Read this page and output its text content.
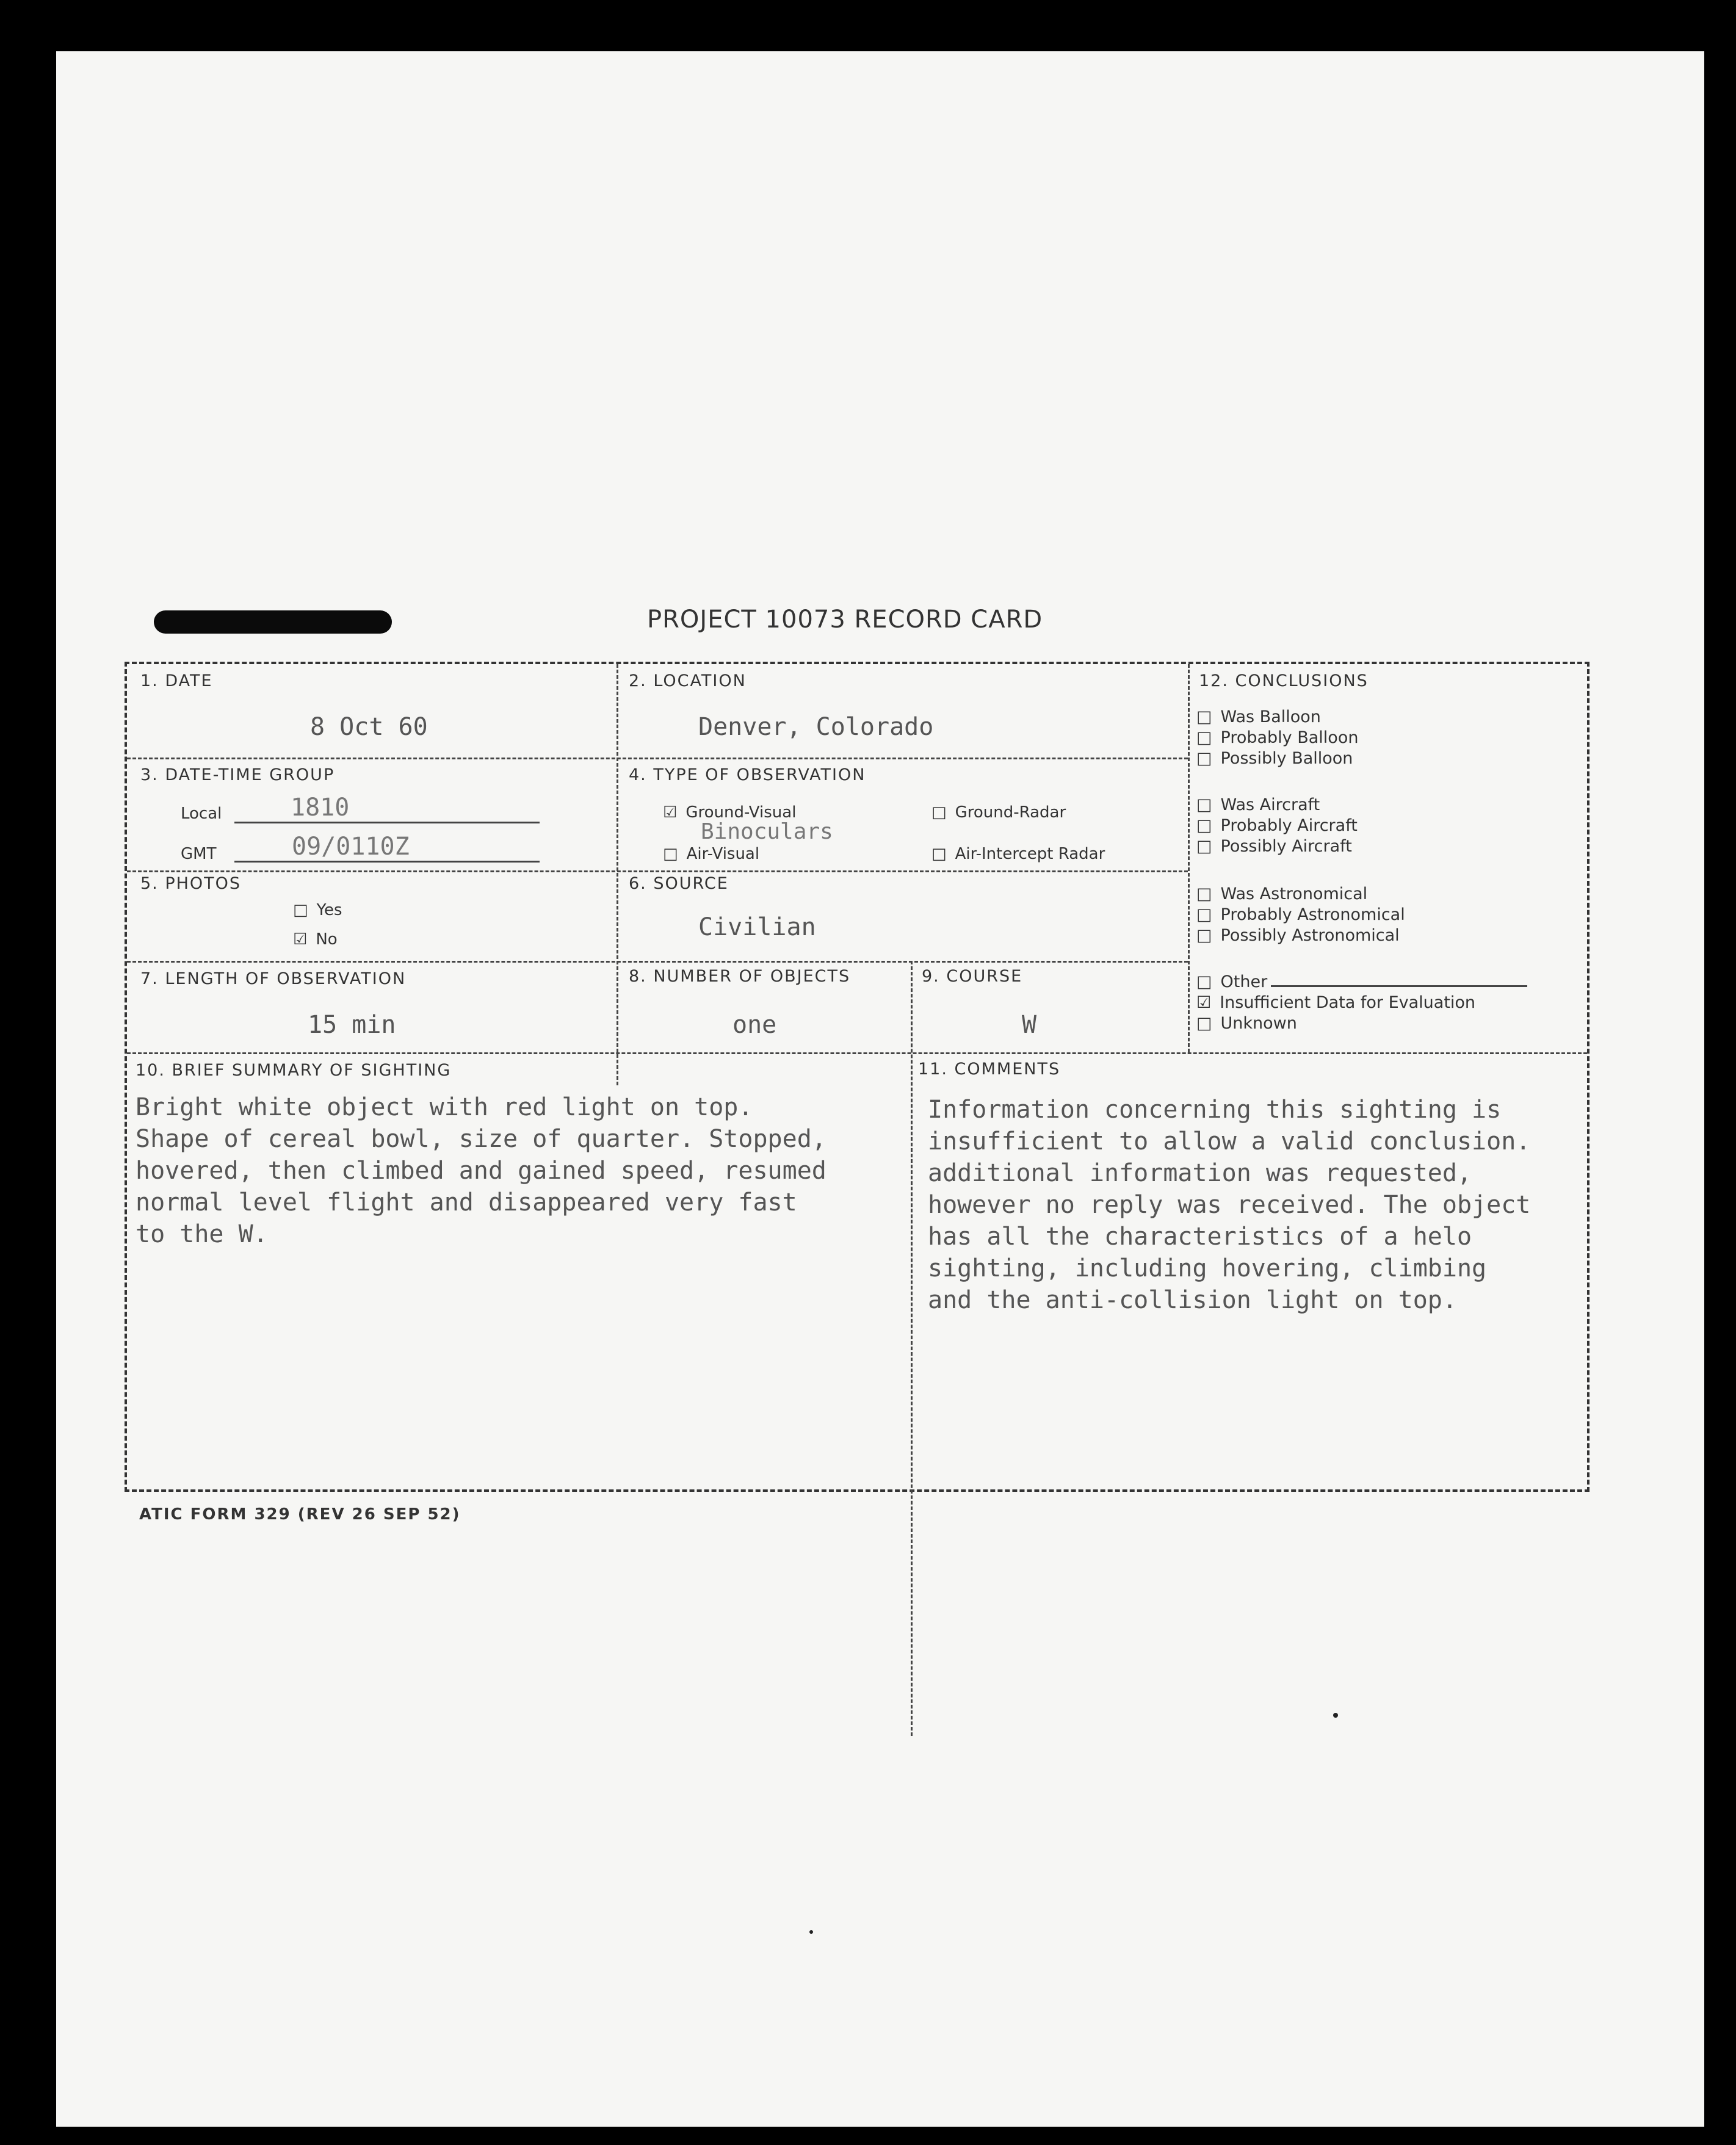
PROJECT 10073 RECORD CARD
1. DATE
8 Oct 60
2. LOCATION
Denver, Colorado
3. DATE-TIME GROUP
Local	1810
GMT	09/0110Z
4. TYPE OF OBSERVATION
☑ Ground-Visual	□ Ground-Radar
Binoculars
□ Air-Visual	□ Air-Intercept Radar
5. PHOTOS
□ Yes
☑ No
6. SOURCE
Civilian
7. LENGTH OF OBSERVATION
15 min
8. NUMBER OF OBJECTS
one
9. COURSE
W
12. CONCLUSIONS
□ Was Balloon
□ Probably Balloon
□ Possibly Balloon
□ Was Aircraft
□ Probably Aircraft
□ Possibly Aircraft
□ Was Astronomical
□ Probably Astronomical
□ Possibly Astronomical
□ Other
☑ Insufficient Data for Evaluation
□ Unknown
10. BRIEF SUMMARY OF SIGHTING
Bright white object with red light on top.
Shape of cereal bowl, size of quarter. Stopped,
hovered, then climbed and gained speed, resumed
normal level flight and disappeared very fast
to the W.
11. COMMENTS
Information concerning this sighting is
insufficient to allow a valid conclusion.
additional information was requested,
however no reply was received. The object
has all the characteristics of a helo
sighting, including hovering, climbing
and the anti-collision light on top.
ATIC FORM 329 (REV 26 SEP 52)
